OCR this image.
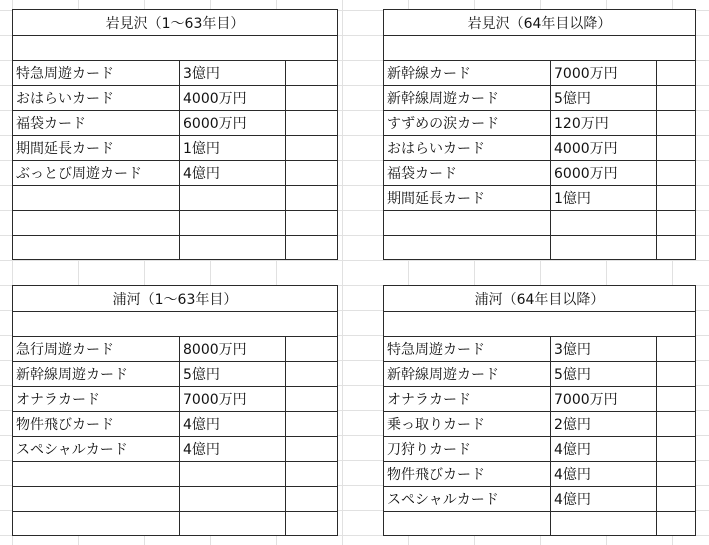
岩見沢（1～63年目）
特急周遊カード	3億円
おはらいカード	4000万円
福袋カード	6000万円
期間延長カード	1億円
ぶっとび周遊カード	4億円
岩見沢（64年目以降）
新幹線カード	7000万円
新幹線周遊カード	5億円
すずめの涙カード	120万円
おはらいカード	4000万円
福袋カード	6000万円
期間延長カード	1億円
浦河（1～63年目）
急行周遊カード	8000万円
新幹線周遊カード	5億円
オナラカード	7000万円
物件飛びカード	4億円
スペシャルカード	4億円
浦河（64年目以降）
特急周遊カード	3億円
新幹線周遊カード	5億円
オナラカード	7000万円
乗っ取りカード	2億円
刀狩りカード	4億円
物件飛びカード	4億円
スペシャルカード	4億円
